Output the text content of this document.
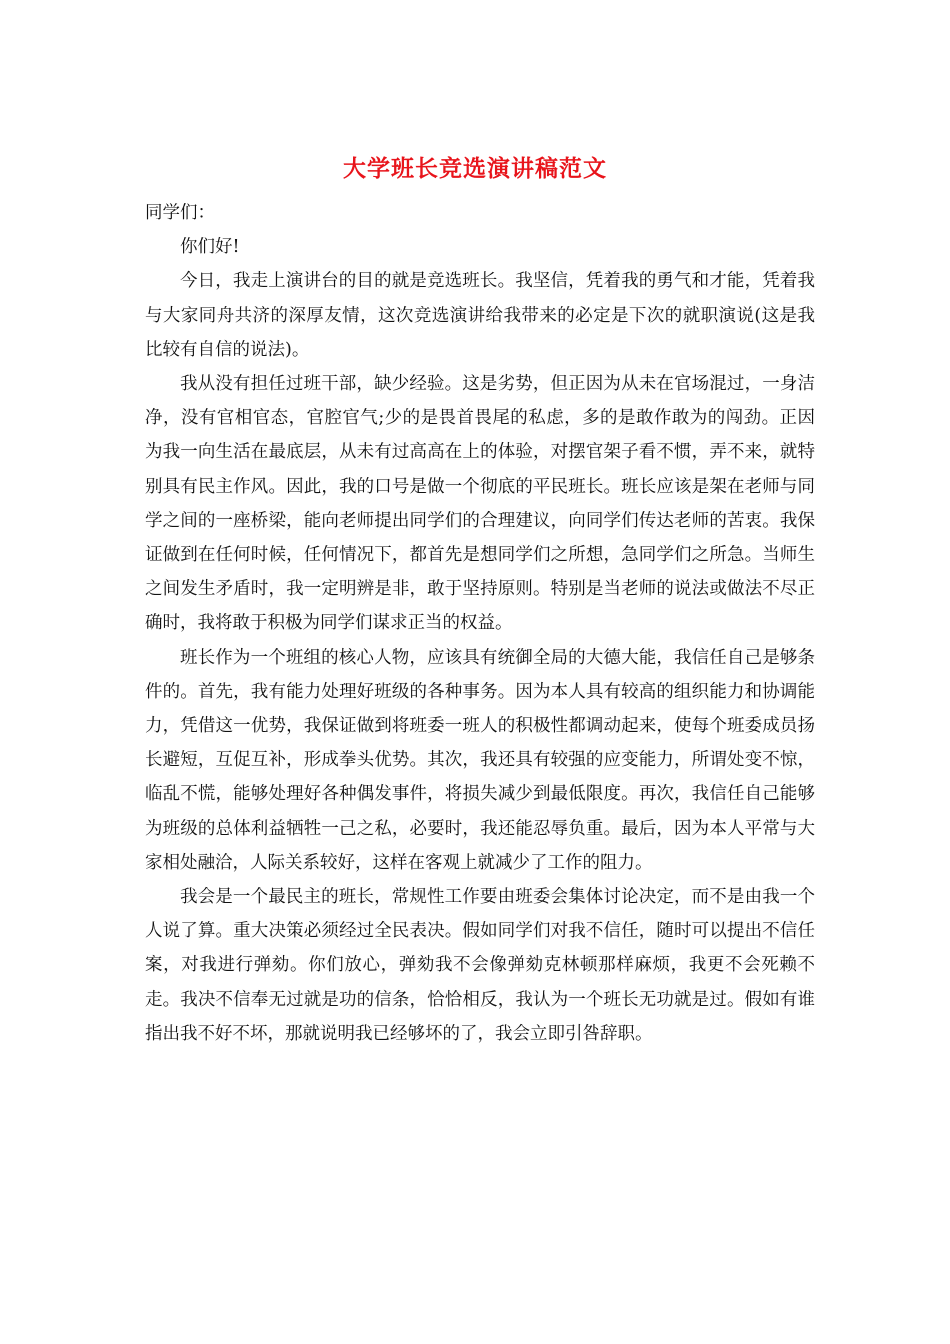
大学班长竞选演讲稿范文

同学们：

你们好!

今日，我走上演讲台的目的就是竞选班长。我坚信，凭着我的勇气和才能，凭着我与大家同舟共济的深厚友情，这次竞选演讲给我带来的必定是下次的就职演说(这是我比较有自信的说法)。

我从没有担任过班干部，缺少经验。这是劣势，但正因为从未在官场混过，一身洁净，没有官相官态，官腔官气;少的是畏首畏尾的私虑，多的是敢作敢为的闯劲。正因为我一向生活在最底层，从未有过高高在上的体验，对摆官架子看不惯，弄不来，就特别具有民主作风。因此，我的口号是做一个彻底的平民班长。班长应该是架在老师与同学之间的一座桥梁，能向老师提出同学们的合理建议，向同学们传达老师的苦衷。我保证做到在任何时候，任何情况下，都首先是想同学们之所想，急同学们之所急。当师生之间发生矛盾时，我一定明辨是非，敢于坚持原则。特别是当老师的说法或做法不尽正确时，我将敢于积极为同学们谋求正当的权益。

班长作为一个班组的核心人物，应该具有统御全局的大德大能，我信任自己是够条件的。首先，我有能力处理好班级的各种事务。因为本人具有较高的组织能力和协调能力，凭借这一优势，我保证做到将班委一班人的积极性都调动起来，使每个班委成员扬长避短，互促互补，形成拳头优势。其次，我还具有较强的应变能力，所谓处变不惊，临乱不慌，能够处理好各种偶发事件，将损失减少到最低限度。再次，我信任自己能够为班级的总体利益牺牲一己之私，必要时，我还能忍辱负重。最后，因为本人平常与大家相处融洽，人际关系较好，这样在客观上就减少了工作的阻力。

我会是一个最民主的班长，常规性工作要由班委会集体讨论决定，而不是由我一个人说了算。重大决策必须经过全民表决。假如同学们对我不信任，随时可以提出不信任案，对我进行弹劾。你们放心，弹劾我不会像弹劾克林顿那样麻烦，我更不会死赖不走。我决不信奉无过就是功的信条，恰恰相反，我认为一个班长无功就是过。假如有谁指出我不好不坏，那就说明我已经够坏的了，我会立即引咎辞职。
